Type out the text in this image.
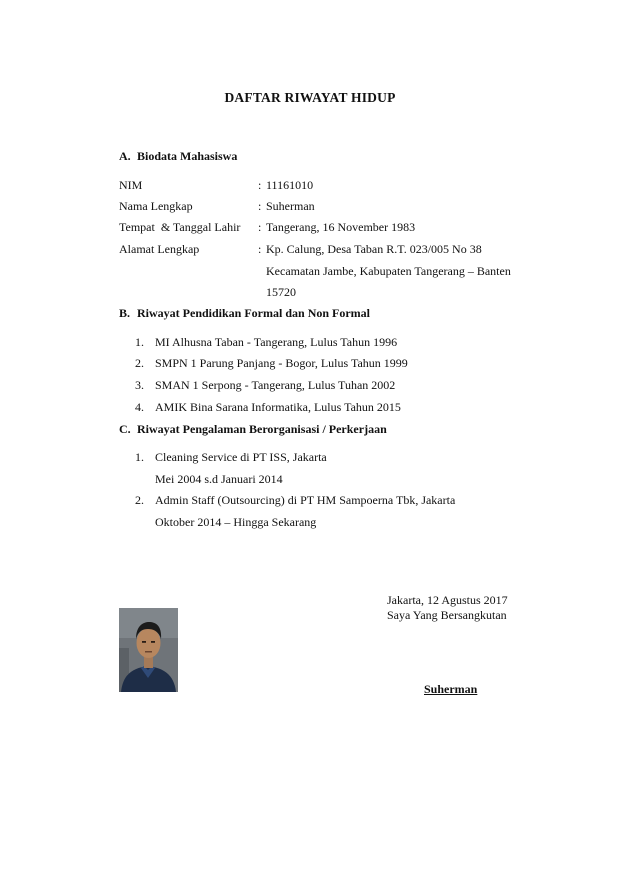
DAFTAR RIWAYAT HIDUP
A. Biodata Mahasiswa
NIM	: 11161010
Nama Lengkap	: Suherman
Tempat  & Tanggal Lahir : Tangerang, 16 November 1983
Alamat Lengkap	: Kp. Calung, Desa Taban R.T. 023/005 No 38
Kecamatan Jambe, Kabupaten Tangerang – Banten
15720
B. Riwayat Pendidikan Formal dan Non Formal
1. MI Alhusna Taban - Tangerang, Lulus Tahun 1996
2. SMPN 1 Parung Panjang - Bogor, Lulus Tahun 1999
3. SMAN 1 Serpong - Tangerang, Lulus Tuhan 2002
4. AMIK Bina Sarana Informatika, Lulus Tahun 2015
C. Riwayat Pengalaman Berorganisasi / Perkerjaan
1. Cleaning Service di PT ISS, Jakarta
Mei 2004 s.d Januari 2014
2. Admin Staff (Outsourcing) di PT HM Sampoerna Tbk, Jakarta
Oktober 2014 – Hingga Sekarang
Jakarta, 12 Agustus 2017
Saya Yang Bersangkutan
Suherman
